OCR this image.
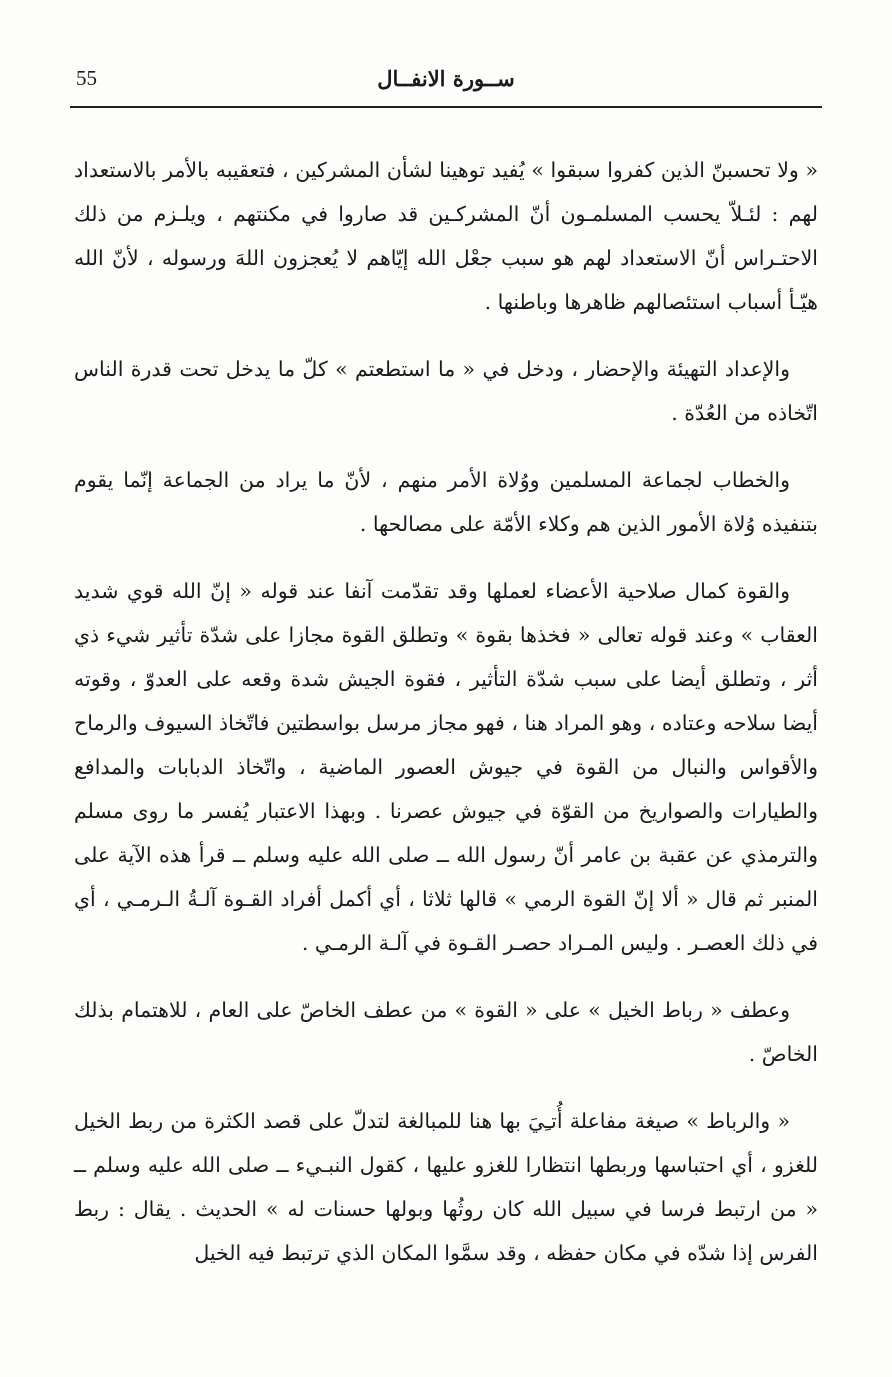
55	ســورة الانفــال

« ولا تحسبنّ الذين كفروا سبقوا » يُفيد توهينا لشأن المشركين ، فتعقيبه بالأمر بالاستعداد لهم : لئـلاّ يحسب المسلمـون أنّ المشركـين قد صاروا في مكنتهم ، ويلـزم من ذلك الاحتـراس أنّ الاستعداد لهم هو سبب جعْل الله إيّاهم لا يُعجزون اللهَ ورسوله ، لأنّ الله هيّـأ أسباب استئصالهم ظاهرها وباطنها .

والإعداد التهيئة والإحضار ، ودخل في « ما استطعتم » كلّ ما يدخل تحت قدرة الناس اتّخاذه من العُدّة .

والخطاب لجماعة المسلمين ووُلاة الأمر منهم ، لأنّ ما يراد من الجماعة إنّما يقوم بتنفيذه وُلاة الأمور الذين هم وكلاء الأمّة على مصالحها .

والقوة كمال صلاحية الأعضاء لعملها وقد تقدّمت آنفا عند قوله « إنّ الله قوي شديد العقاب » وعند قوله تعالى « فخذها بقوة » وتطلق القوة مجازا على شدّة تأثير شيء ذي أثر ، وتطلق أيضا على سبب شدّة التأثير ، فقوة الجيش شدة وقعه على العدوّ ، وقوته أيضا سلاحه وعتاده ، وهو المراد هنا ، فهو مجاز مرسل بواسطتين فاتّخاذ السيوف والرماح والأقواس والنبال من القوة في جيوش العصور الماضية ، واتّخاذ الدبابات والمدافع والطيارات والصواريخ من القوّة في جيوش عصرنا . وبهذا الاعتبار يُفسر ما روى مسلم والترمذي عن عقبة بن عامر أنّ رسول الله ــ صلى الله عليه وسلم ــ قرأ هذه الآية على المنبر ثم قال « ألا إنّ القوة الرمي » قالها ثلاثا ، أي أكمل أفراد القـوة آلـةُ الـرمـي ، أي في ذلك العصـر . وليس المـراد حصـر القـوة في آلـة الرمـي .

وعطف « رباط الخيل » على « القوة » من عطف الخاصّ على العام ، للاهتمام بذلك الخاصّ .

« والرباط » صيغة مفاعلة أُتـِيَ بها هنا للمبالغة لتدلّ على قصد الكثرة من ربط الخيل للغزو ، أي احتباسها وربطها انتظارا للغزو عليها ، كقول النبـيء ــ صلى الله عليه وسلم ــ « من ارتبط فرسا في سبيل الله كان روثُها وبولها حسنات له » الحديث . يقال : ربط الفرس إذا شدّه في مكان حفظه ، وقد سمَّوا المكان الذي ترتبط فيه الخيل
